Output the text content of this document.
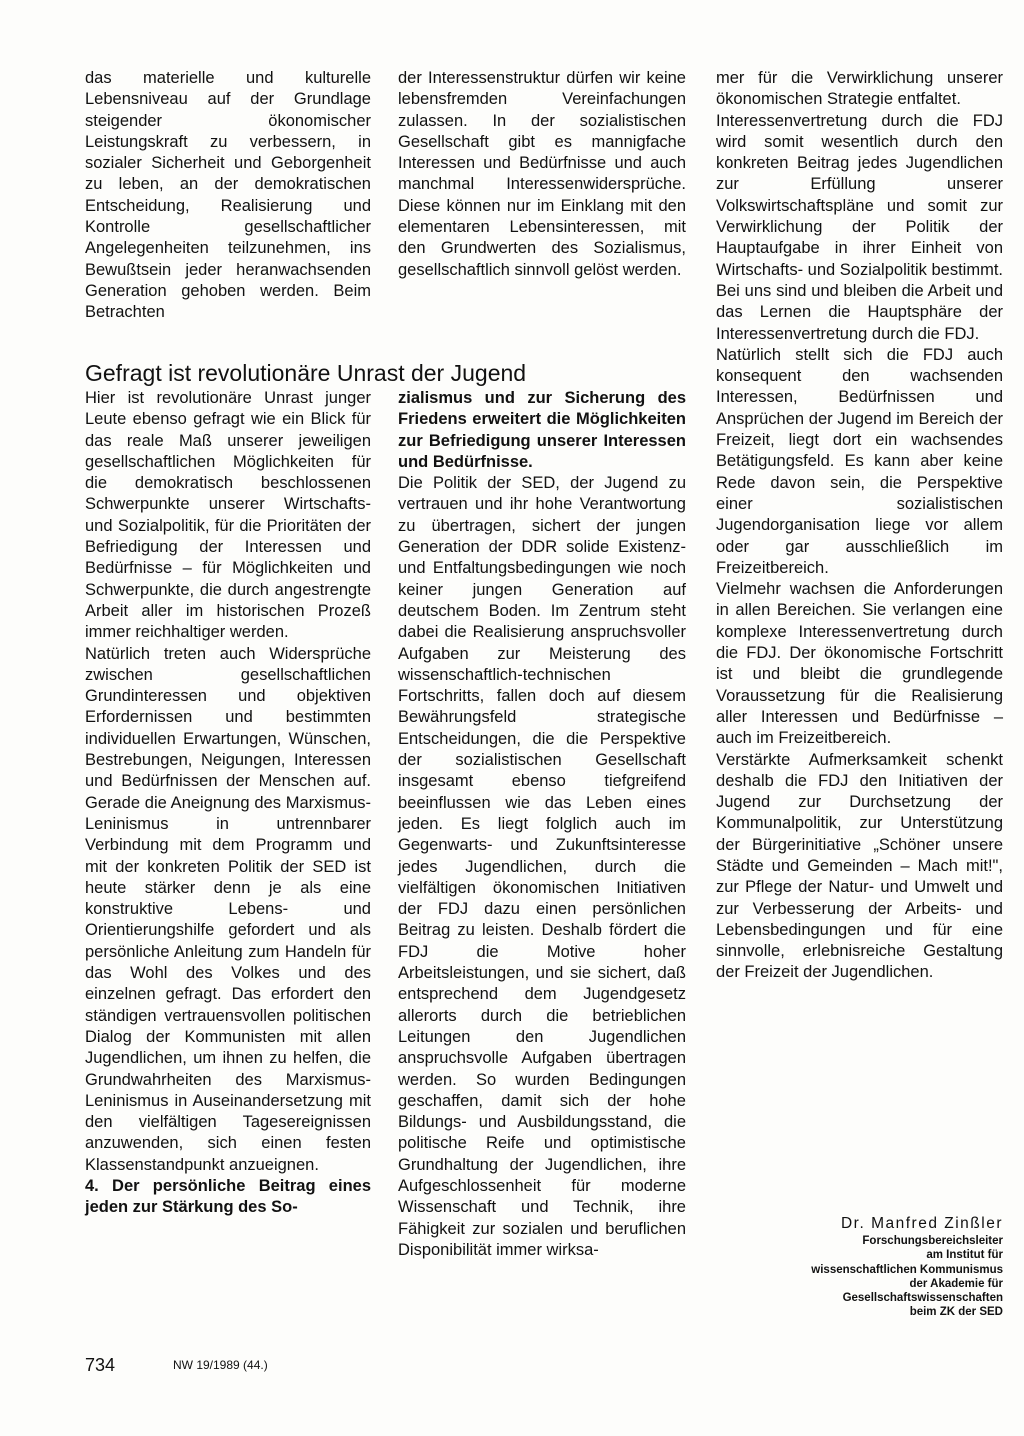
das materielle und kulturelle Lebensniveau auf der Grundlage steigender ökonomischer Leistungskraft zu verbessern, in sozialer Sicherheit und Geborgenheit zu leben, an der demokratischen Entscheidung, Realisierung und Kontrolle gesellschaftlicher Angelegenheiten teilzunehmen, ins Bewußtsein jeder heranwachsenden Generation gehoben werden. Beim Betrachten

der Interessenstruktur dürfen wir keine lebensfremden Vereinfachungen zulassen. In der sozialistischen Gesellschaft gibt es mannigfache Interessen und Bedürfnisse und auch manchmal Interessenwidersprüche. Diese können nur im Einklang mit den elementaren Lebensinteressen, mit den Grundwerten des Sozialismus, gesellschaftlich sinnvoll gelöst werden.

mer für die Verwirklichung unserer ökonomischen Strategie entfaltet.

Interessenvertretung durch die FDJ wird somit wesentlich durch den konkreten Beitrag jedes Jugendlichen zur Erfüllung unserer Volkswirtschaftspläne und somit zur Verwirklichung der Politik der Hauptaufgabe in ihrer Einheit von Wirtschafts- und Sozialpolitik bestimmt. Bei uns sind und bleiben die Arbeit und das Lernen die Hauptsphäre der Interessenvertretung durch die FDJ.

Natürlich stellt sich die FDJ auch konsequent den wachsenden Interessen, Bedürfnissen und Ansprüchen der Jugend im Bereich der Freizeit, liegt dort ein wachsendes Betätigungsfeld. Es kann aber keine Rede davon sein, die Perspektive einer sozialistischen Jugendorganisation liege vor allem oder gar ausschließlich im Freizeitbereich.

Vielmehr wachsen die Anforderungen in allen Bereichen. Sie verlangen eine komplexe Interessenvertretung durch die FDJ. Der ökonomische Fortschritt ist und bleibt die grundlegende Voraussetzung für die Realisierung aller Interessen und Bedürfnisse – auch im Freizeitbereich.

Verstärkte Aufmerksamkeit schenkt deshalb die FDJ den Initiativen der Jugend zur Durchsetzung der Kommunalpolitik, zur Unterstützung der Bürgerinitiative „Schöner unsere Städte und Gemeinden – Mach mit!", zur Pflege der Natur- und Umwelt und zur Verbesserung der Arbeits- und Lebensbedingungen und für eine sinnvolle, erlebnisreiche Gestaltung der Freizeit der Jugendlichen.

Gefragt ist revolutionäre Unrast der Jugend

Hier ist revolutionäre Unrast junger Leute ebenso gefragt wie ein Blick für das reale Maß unserer jeweiligen gesellschaftlichen Möglichkeiten für die demokratisch beschlossenen Schwerpunkte unserer Wirtschafts- und Sozialpolitik, für die Prioritäten der Befriedigung der Interessen und Bedürfnisse – für Möglichkeiten und Schwerpunkte, die durch angestrengte Arbeit aller im historischen Prozeß immer reichhaltiger werden.

Natürlich treten auch Widersprüche zwischen gesellschaftlichen Grundinteressen und objektiven Erfordernissen und bestimmten individuellen Erwartungen, Wünschen, Bestrebungen, Neigungen, Interessen und Bedürfnissen der Menschen auf. Gerade die Aneignung des Marxismus-Leninismus in untrennbarer Verbindung mit dem Programm und mit der konkreten Politik der SED ist heute stärker denn je als eine konstruktive Lebens- und Orientierungshilfe gefordert und als persönliche Anleitung zum Handeln für das Wohl des Volkes und des einzelnen gefragt. Das erfordert den ständigen vertrauensvollen politischen Dialog der Kommunisten mit allen Jugendlichen, um ihnen zu helfen, die Grundwahrheiten des Marxismus-Leninismus in Auseinandersetzung mit den vielfältigen Tagesereignissen anzuwenden, sich einen festen Klassenstandpunkt anzueignen.

4. Der persönliche Beitrag eines jeden zur Stärkung des So-

zialismus und zur Sicherung des Friedens erweitert die Möglichkeiten zur Befriedigung unserer Interessen und Bedürfnisse.

Die Politik der SED, der Jugend zu vertrauen und ihr hohe Verantwortung zu übertragen, sichert der jungen Generation der DDR solide Existenz- und Entfaltungsbedingungen wie noch keiner jungen Generation auf deutschem Boden. Im Zentrum steht dabei die Realisierung anspruchsvoller Aufgaben zur Meisterung des wissenschaftlich-technischen Fortschritts, fallen doch auf diesem Bewährungsfeld strategische Entscheidungen, die die Perspektive der sozialistischen Gesellschaft insgesamt ebenso tiefgreifend beeinflussen wie das Leben eines jeden. Es liegt folglich auch im Gegenwarts- und Zukunftsinteresse jedes Jugendlichen, durch die vielfältigen ökonomischen Initiativen der FDJ dazu einen persönlichen Beitrag zu leisten. Deshalb fördert die FDJ die Motive hoher Arbeitsleistungen, und sie sichert, daß entsprechend dem Jugendgesetz allerorts durch die betrieblichen Leitungen den Jugendlichen anspruchsvolle Aufgaben übertragen werden. So wurden Bedingungen geschaffen, damit sich der hohe Bildungs- und Ausbildungsstand, die politische Reife und optimistische Grundhaltung der Jugendlichen, ihre Aufgeschlossenheit für moderne Wissenschaft und Technik, ihre Fähigkeit zur sozialen und beruflichen Disponibilität immer wirksa-

Dr. Manfred Zinßler
Forschungsbereichsleiter
am Institut für
wissenschaftlichen Kommunismus
der Akademie für
Gesellschaftswissenschaften
beim ZK der SED
734	NW 19/1989 (44.)
